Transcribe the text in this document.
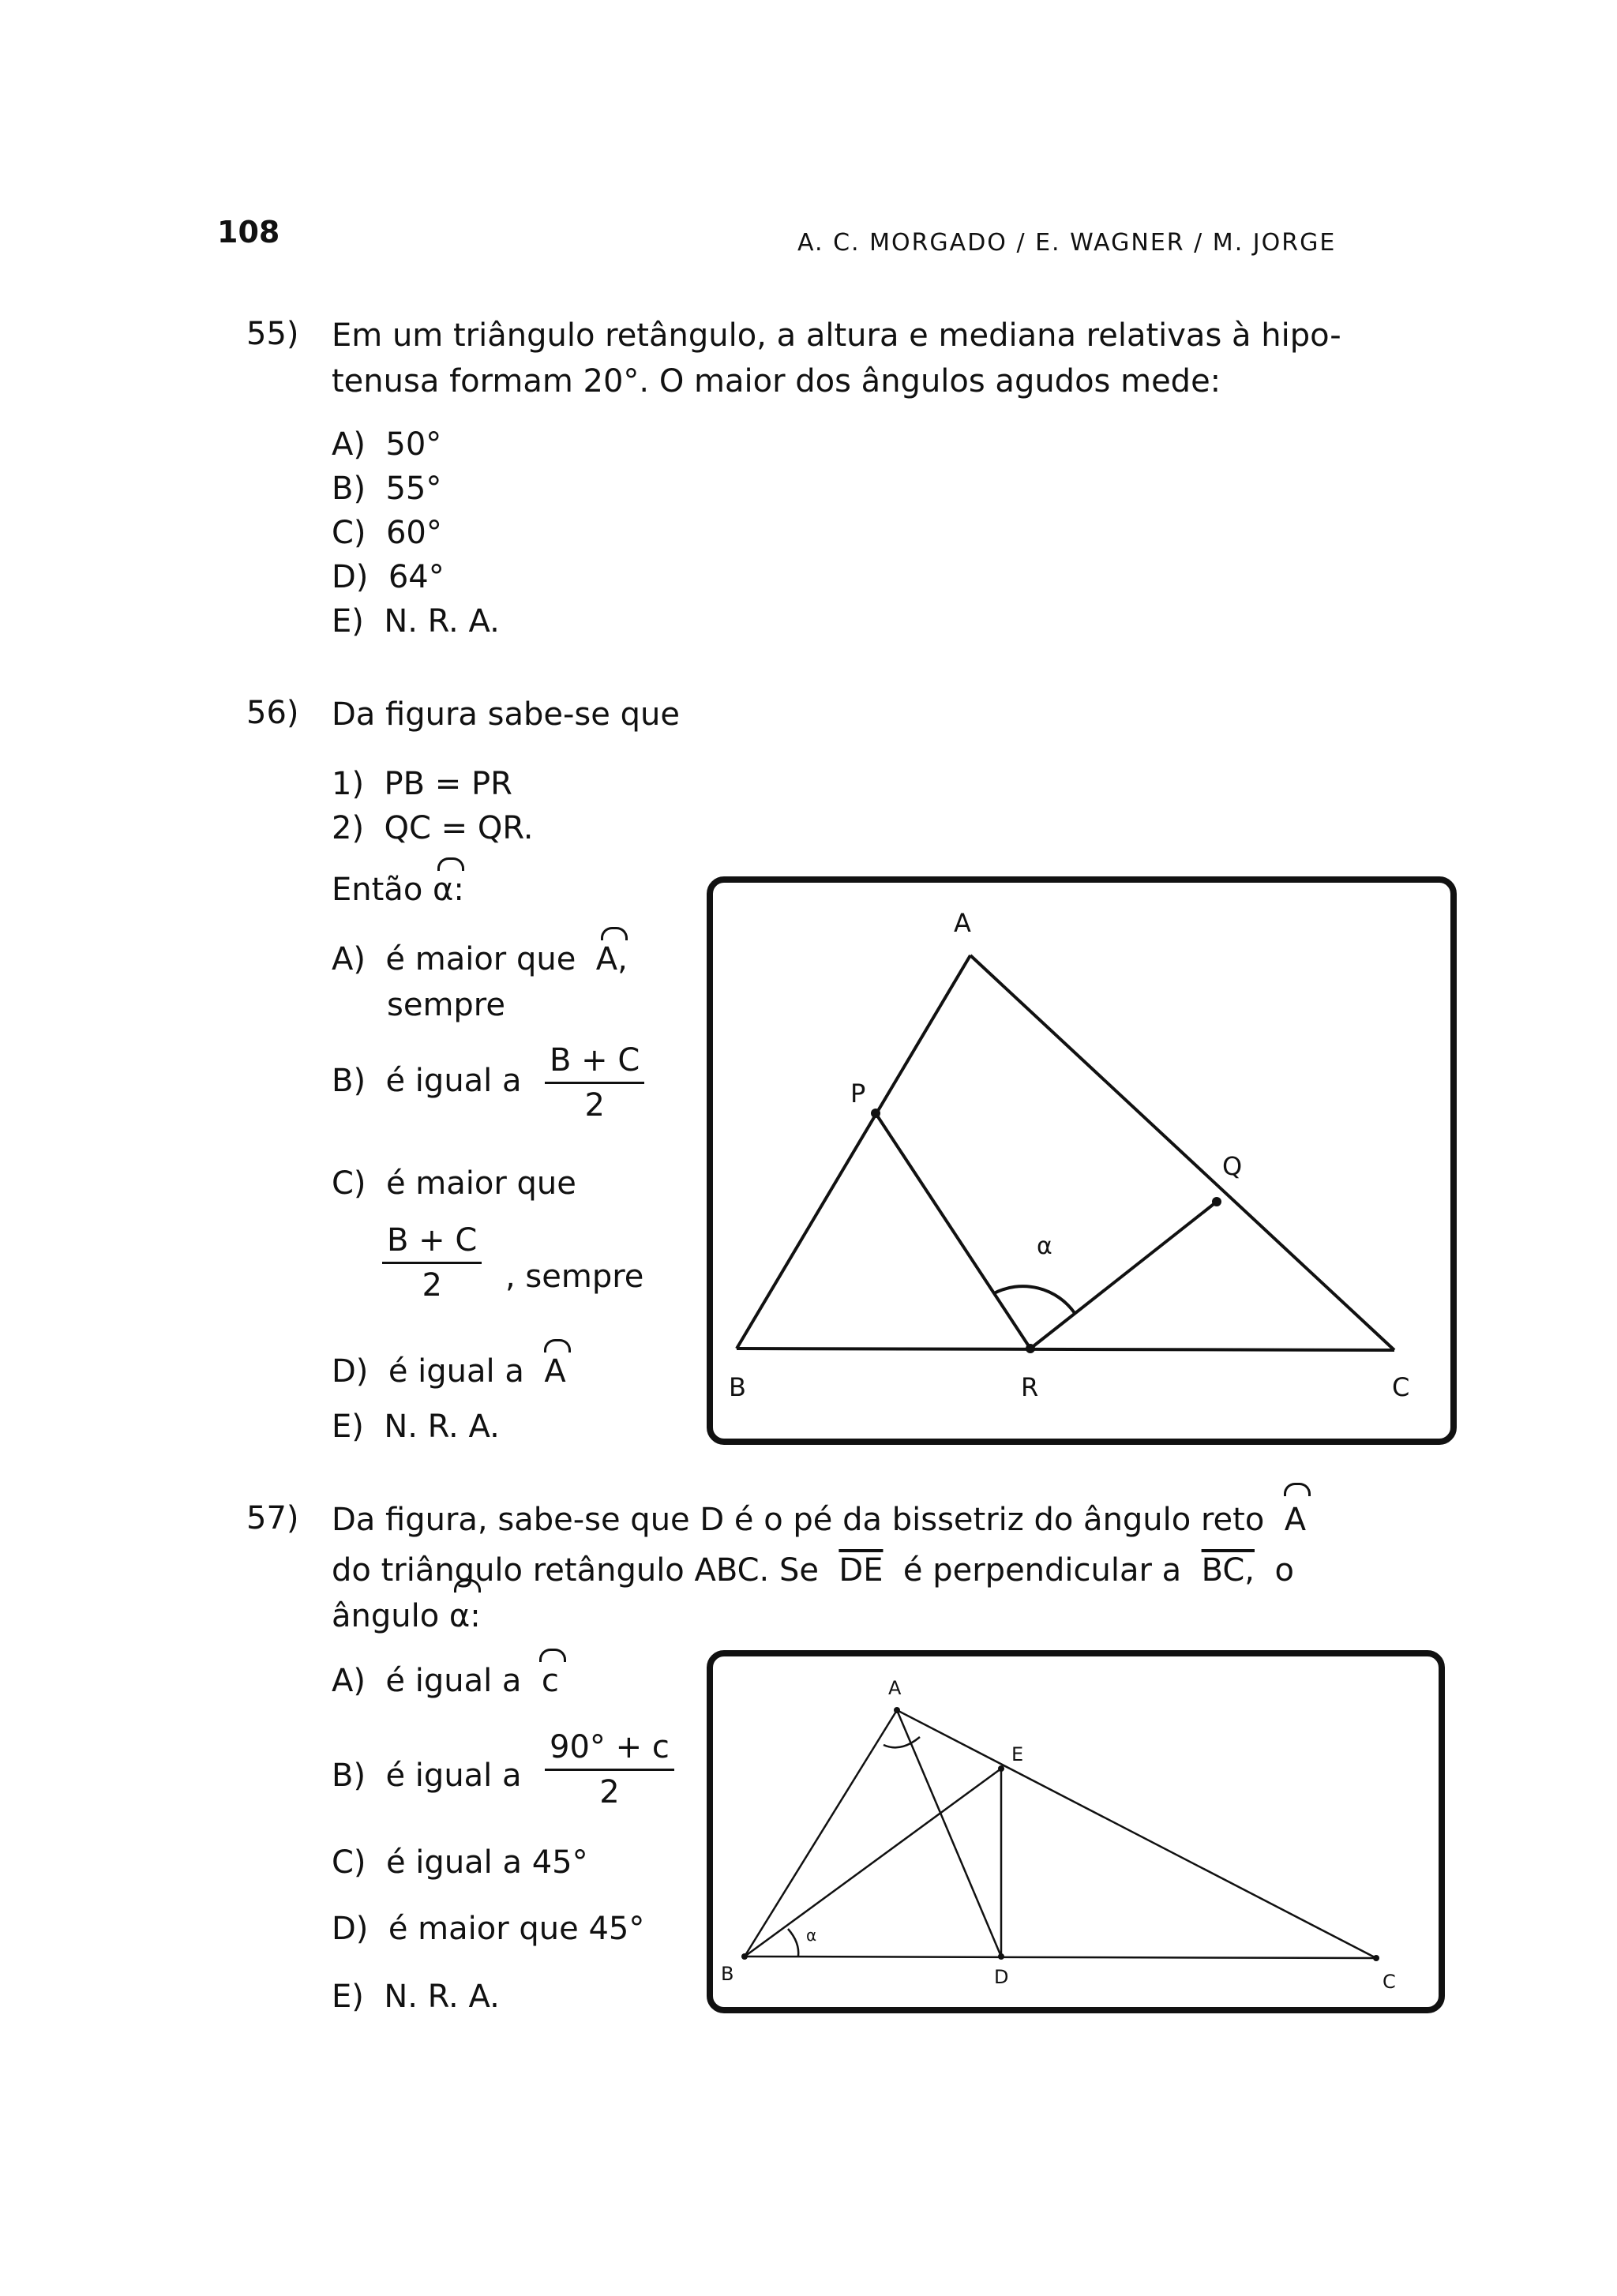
108	A. C. MORGADO / E. WAGNER / M. JORGE
55) Em um triângulo retângulo, a altura e mediana relativas à hipo-
tenusa formam 20°. O maior dos ângulos agudos mede:
A) 50°
B) 55°
C) 60°
D) 64°
E) N. R. A.
56) Da figura sabe-se que
1) PB = PR
2) QC = QR.
Então α:
A) é maior que A,
sempre
B) é igual a $\frac{B + C}{2}$
C) é maior que
$\frac{B + C}{2}$ , sempre
D) é igual a A
E) N. R. A.
A
B	C
P
Q
R
α
57) Da figura, sabe-se que D é o pé da bissetriz do ângulo reto A
do triângulo retângulo ABC. Se $\overline{DE}$ é perpendicular a BC, o
ângulo α:
A) é igual a c
B) é igual a $\frac{90^\circ + c}{2}$
C) é igual a 45°
D) é maior que 45°
E) N. R. A.
A
B	C
D
E
α
